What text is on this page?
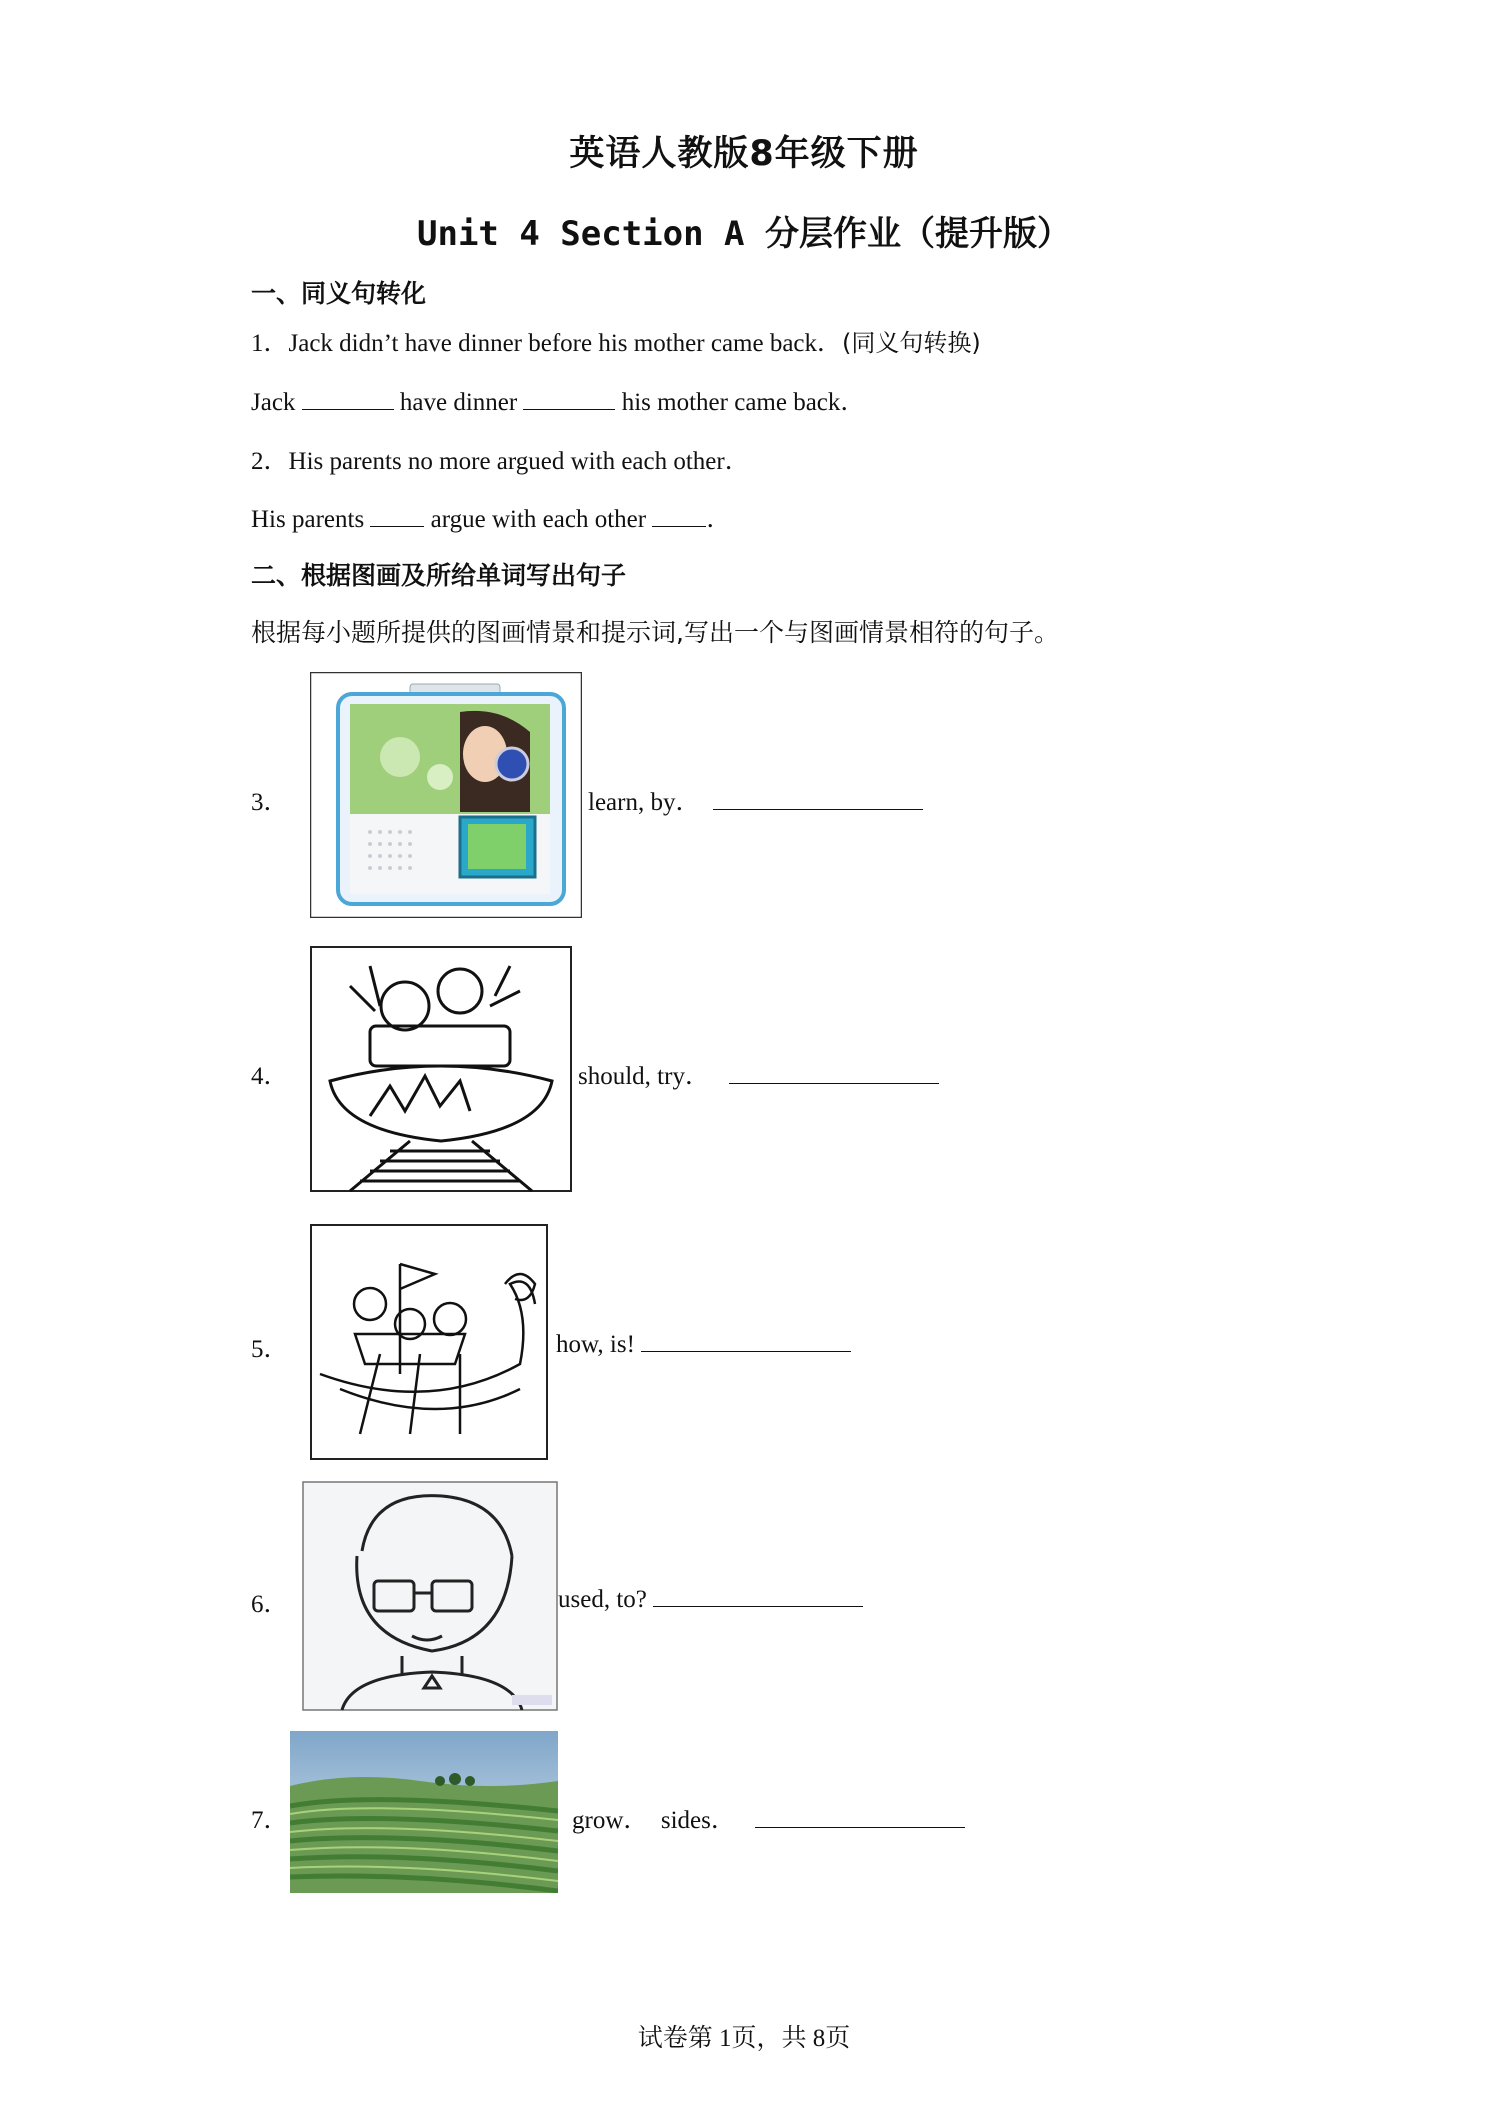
英语人教版8年级下册
Unit 4 Section A 分层作业（提升版）
一、同义句转化
1．Jack didn’t have dinner before his mother came back．(同义句转换)
Jack	have dinner	his mother came back．
2．His parents no more argued with each other．
His parents	argue with each other ．
二、根据图画及所给单词写出句子
根据每小题所提供的图画情景和提示词,写出一个与图画情景相符的句子。
3．	learn, by．
4．	should, try．
5．	how, is!
6．	used, to?
7．	grow．  sides．
试卷第 1页，共 8页
